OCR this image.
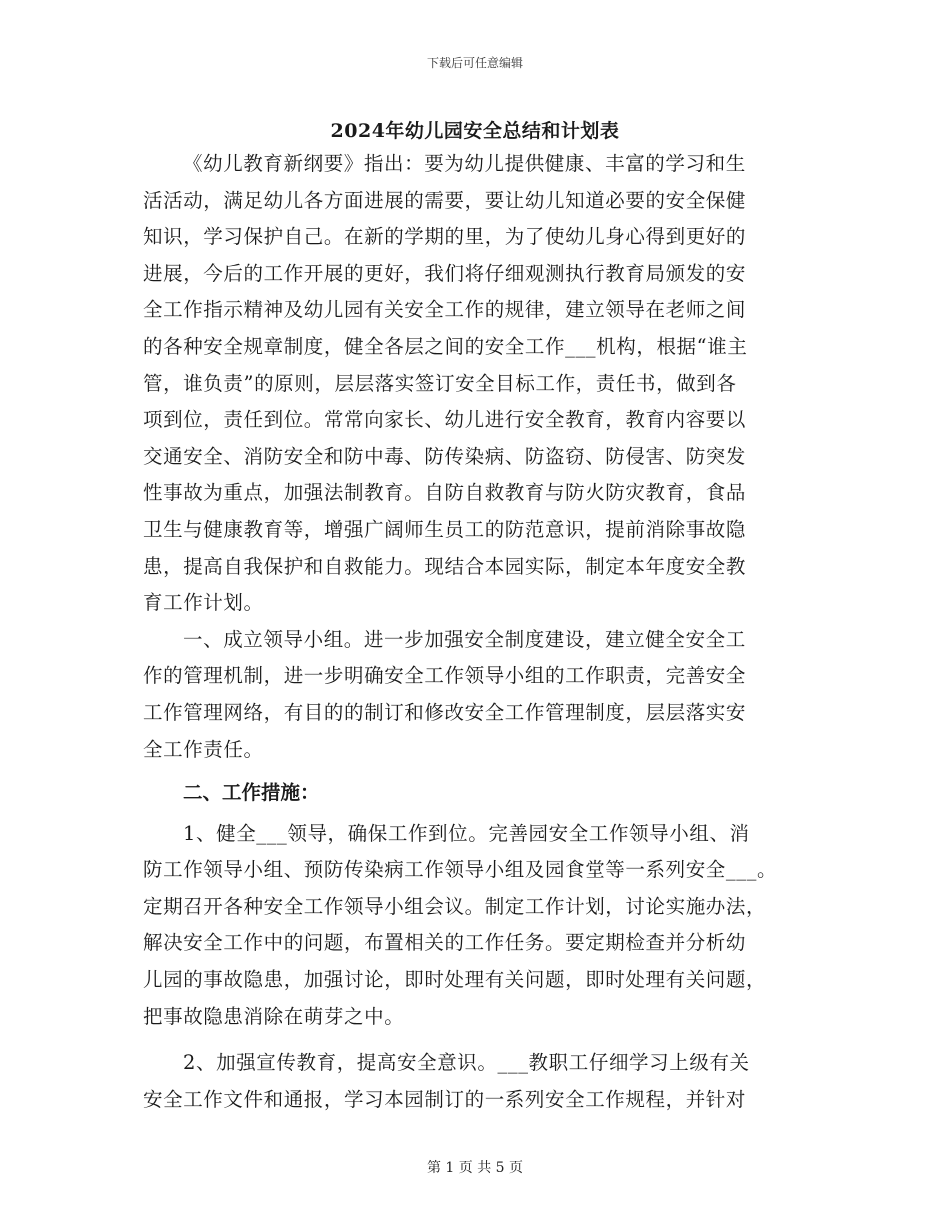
下载后可任意编辑
2024年幼儿园安全总结和计划表
《幼儿教育新纲要》指出：要为幼儿提供健康、丰富的学习和生
活活动，满足幼儿各方面进展的需要，要让幼儿知道必要的安全保健
知识，学习保护自己。在新的学期的里，为了使幼儿身心得到更好的
进展，今后的工作开展的更好，我们将仔细观测执行教育局颁发的安
全工作指示精神及幼儿园有关安全工作的规律，建立领导在老师之间
的各种安全规章制度，健全各层之间的安全工作___机构，根据“谁主
管，谁负责”的原则，层层落实签订安全目标工作，责任书，做到各
项到位，责任到位。常常向家长、幼儿进行安全教育，教育内容要以
交通安全、消防安全和防中毒、防传染病、防盗窃、防侵害、防突发
性事故为重点，加强法制教育。自防自救教育与防火防灾教育，食品
卫生与健康教育等，增强广阔师生员工的防范意识，提前消除事故隐
患，提高自我保护和自救能力。现结合本园实际，制定本年度安全教
育工作计划。
一、成立领导小组。进一步加强安全制度建设，建立健全安全工
作的管理机制，进一步明确安全工作领导小组的工作职责，完善安全
工作管理网络，有目的的制订和修改安全工作管理制度，层层落实安
全工作责任。
二、工作措施：
1、健全___领导，确保工作到位。完善园安全工作领导小组、消
防工作领导小组、预防传染病工作领导小组及园食堂等一系列安全___。
定期召开各种安全工作领导小组会议。制定工作计划，讨论实施办法，
解决安全工作中的问题，布置相关的工作任务。要定期检查并分析幼
儿园的事故隐患，加强讨论，即时处理有关问题，即时处理有关问题，
把事故隐患消除在萌芽之中。
2、加强宣传教育，提高安全意识。___教职工仔细学习上级有关
安全工作文件和通报，学习本园制订的一系列安全工作规程，并针对
第 1 页 共 5 页
